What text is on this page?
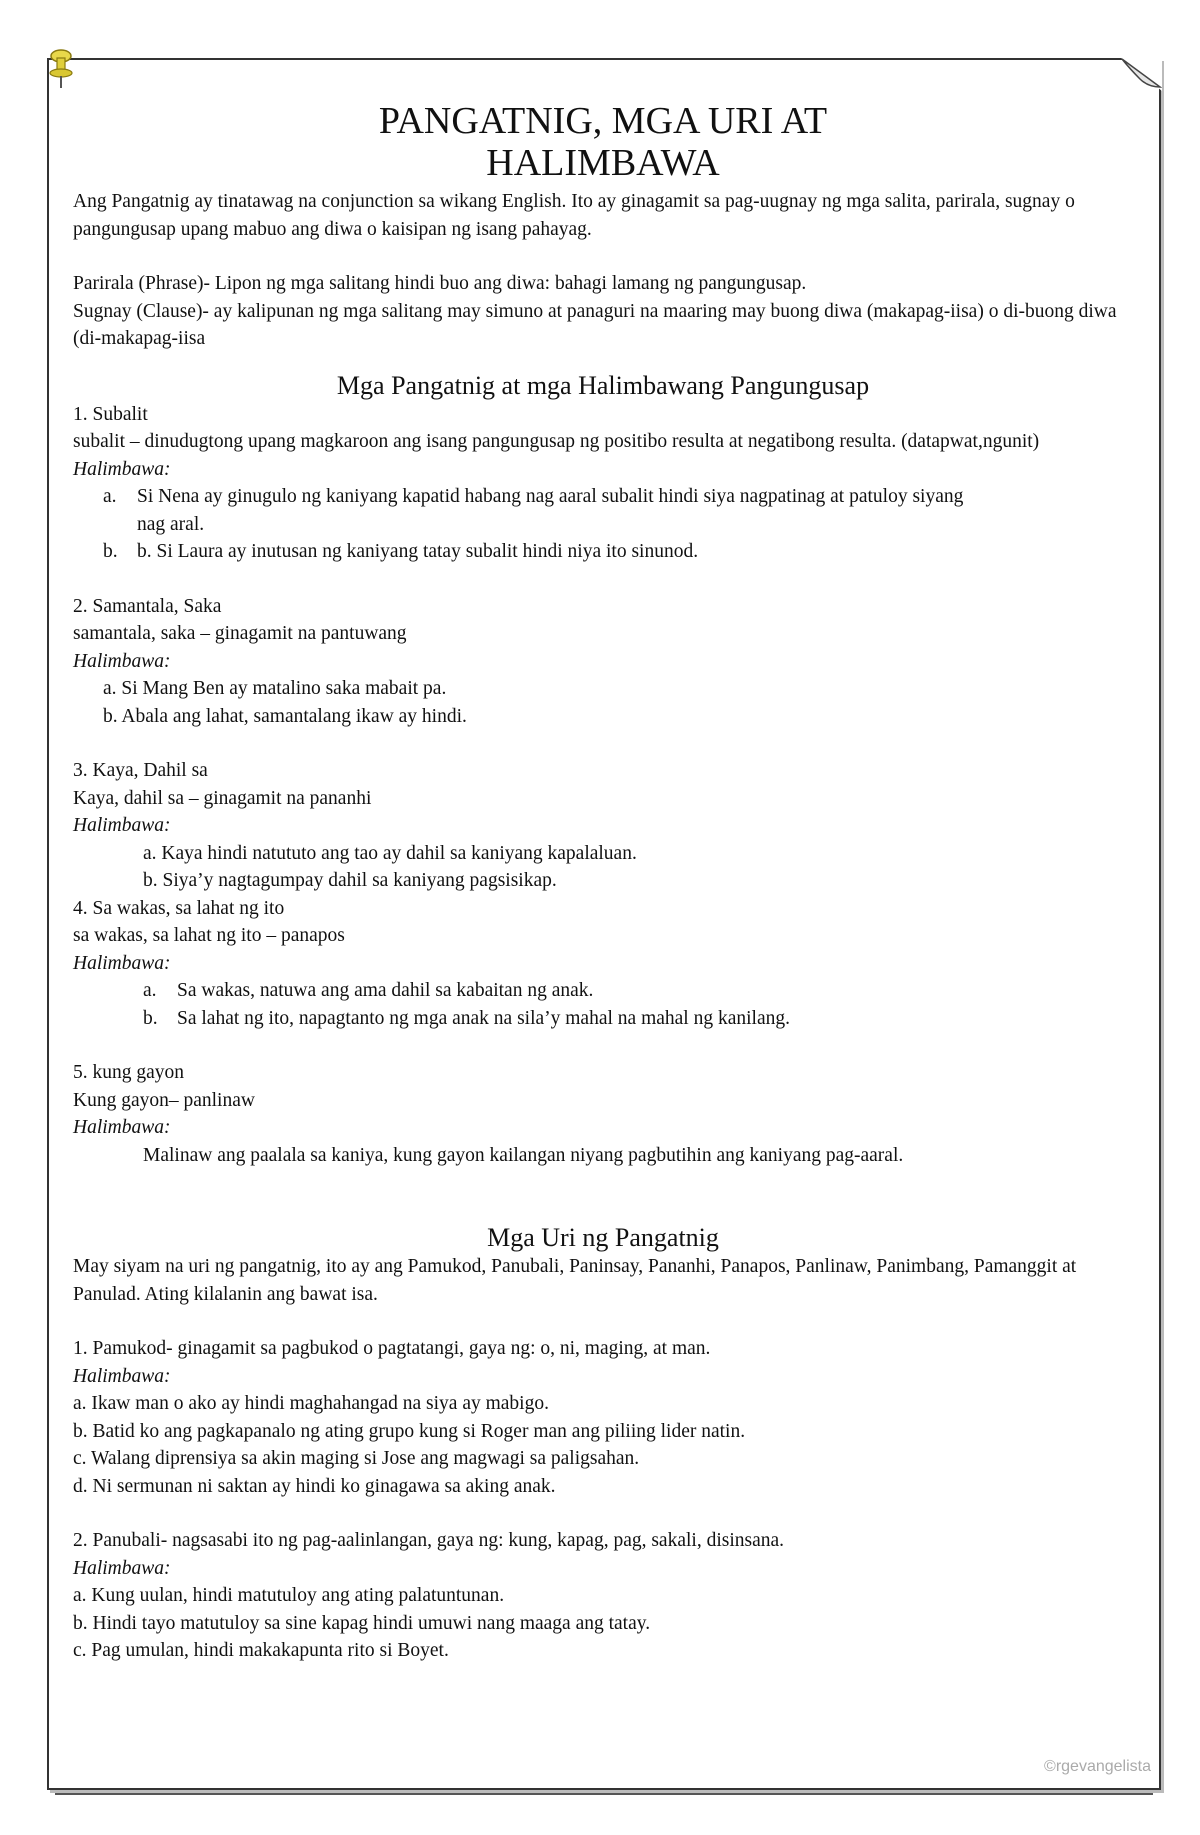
PANGATNIG, MGA URI AT
HALIMBAWA

Ang Pangatnig ay tinatawag na conjunction sa wikang English. Ito ay ginagamit sa pag-uugnay ng mga salita, parirala, sugnay o pangungusap upang mabuo ang diwa o kaisipan ng isang pahayag.

Parirala (Phrase)- Lipon ng mga salitang hindi buo ang diwa: bahagi lamang ng pangungusap.

Sugnay (Clause)- ay kalipunan ng mga salitang may simuno at panaguri na maaring may buong diwa (makapag-iisa) o di-buong diwa (di-makapag-iisa

Mga Pangatnig at mga Halimbawang Pangungusap

1. Subalit

subalit – dinudugtong upang magkaroon ang isang pangungusap ng positibo resulta at negatibong resulta. (datapwat,ngunit)

Halimbawa:

a.	Si Nena ay ginugulo ng kaniyang kapatid habang nag aaral subalit hindi siya nagpatinag at patuloy siyang nag aral.
b. b. Si Laura ay inutusan ng kaniyang tatay subalit hindi niya ito sinunod.

2. Samantala, Saka

samantala, saka – ginagamit na pantuwang

Halimbawa:

a. Si Mang Ben ay matalino saka mabait pa.

b. Abala ang lahat, samantalang ikaw ay hindi.

3. Kaya, Dahil sa

Kaya, dahil sa – ginagamit na pananhi

Halimbawa:

a. Kaya hindi natututo ang tao ay dahil sa kaniyang kapalaluan.

b. Siya’y nagtagumpay dahil sa kaniyang pagsisikap.

4. Sa wakas, sa lahat ng ito

sa wakas, sa lahat ng ito – panapos

Halimbawa:

a.	Sa wakas, natuwa ang ama dahil sa kabaitan ng anak.
b. Sa lahat ng ito, napagtanto ng mga anak na sila’y mahal na mahal ng kanilang.

5. kung gayon

Kung gayon– panlinaw

Halimbawa:

Malinaw ang paalala sa kaniya, kung gayon kailangan niyang pagbutihin ang kaniyang pag-aaral.

Mga Uri ng Pangatnig

May siyam na uri ng pangatnig, ito ay ang Pamukod, Panubali, Paninsay, Pananhi, Panapos, Panlinaw, Panimbang, Pamanggit at Panulad. Ating kilalanin ang bawat isa.

1. Pamukod- ginagamit sa pagbukod o pagtatangi, gaya ng: o, ni, maging, at man.

Halimbawa:

a. Ikaw man o ako ay hindi maghahangad na siya ay mabigo.

b. Batid ko ang pagkapanalo ng ating grupo kung si Roger man ang piliing lider natin.

c. Walang diprensiya sa akin maging si Jose ang magwagi sa paligsahan.

d. Ni sermunan ni saktan ay hindi ko ginagawa sa aking anak.

2. Panubali- nagsasabi ito ng pag-aalinlangan, gaya ng: kung, kapag, pag, sakali, disinsana.

Halimbawa:

a. Kung uulan, hindi matutuloy ang ating palatuntunan.

b. Hindi tayo matutuloy sa sine kapag hindi umuwi nang maaga ang tatay.

c. Pag umulan, hindi makakapunta rito si Boyet.

©rgevangelista
